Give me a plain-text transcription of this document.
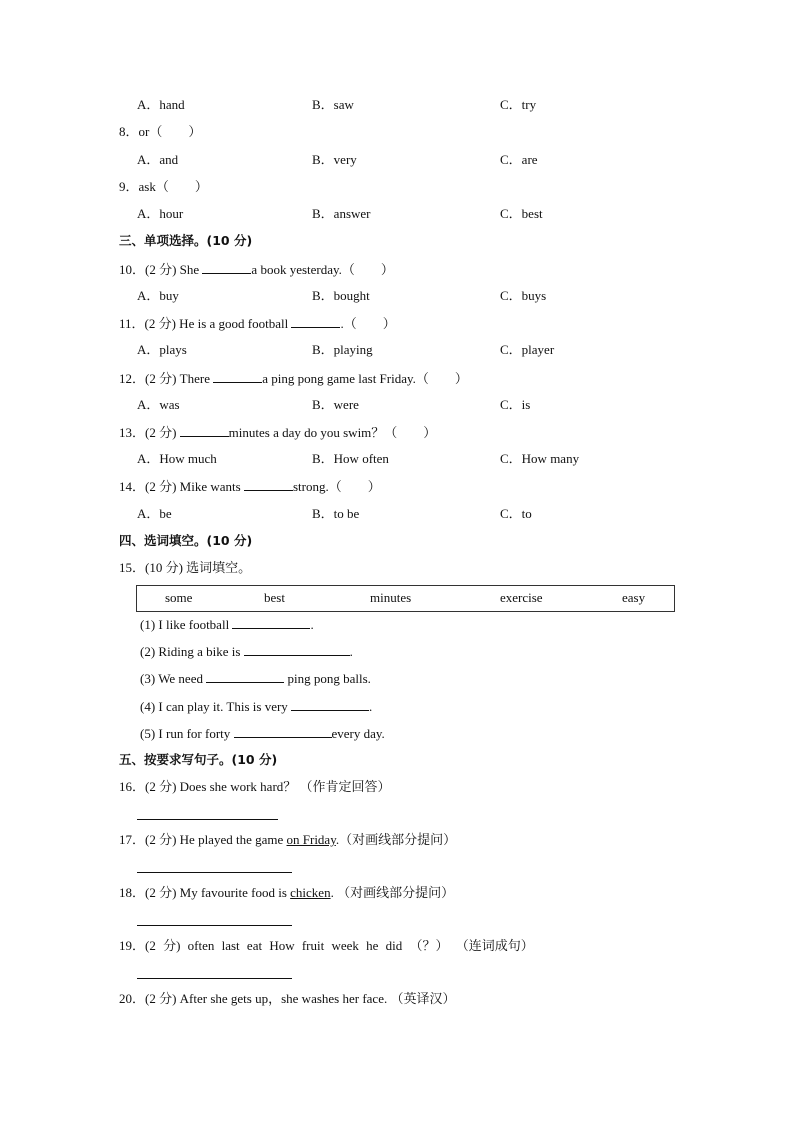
A．hand	B．saw	C．try
8．or（　　）
A．and	B．very	C．are
9．ask（　　）
A．hour	B．answer	C．best
三、单项选择。(10 分)
10．(2 分) She	a book yesterday.（　　）
A．buy	B．bought	C．buys
11．(2 分) He is a good football	.（　　）
A．plays	B．playing	C．player
12．(2 分) There	a ping pong game last Friday.（　　）
A．was	B．were	C．is
13．(2 分)	minutes a day do you swim？（　　）
A．How much	B．How often	C．How many
14．(2 分) Mike wants	strong.（　　）
A．be	B．to be	C．to
四、选词填空。(10 分)
15．(10 分) 选词填空。
some	best	minutes	exercise	easy
(1) I like football	.
(2) Riding a bike is	.
(3) We need	ping pong balls.
(4) I can play it. This is very	.
(5) I run for forty	every day.
五、按要求写句子。(10 分)
16．(2 分) Does she work hard？ （作肯定回答）
17．(2 分) He played the game on Friday.（对画线部分提问）
18．(2 分) My favourite food is chicken. （对画线部分提问）
19．(2 分) often last eat How fruit week he did （？） （连词成句）
20．(2 分) After she gets up，she washes her face. （英译汉）
